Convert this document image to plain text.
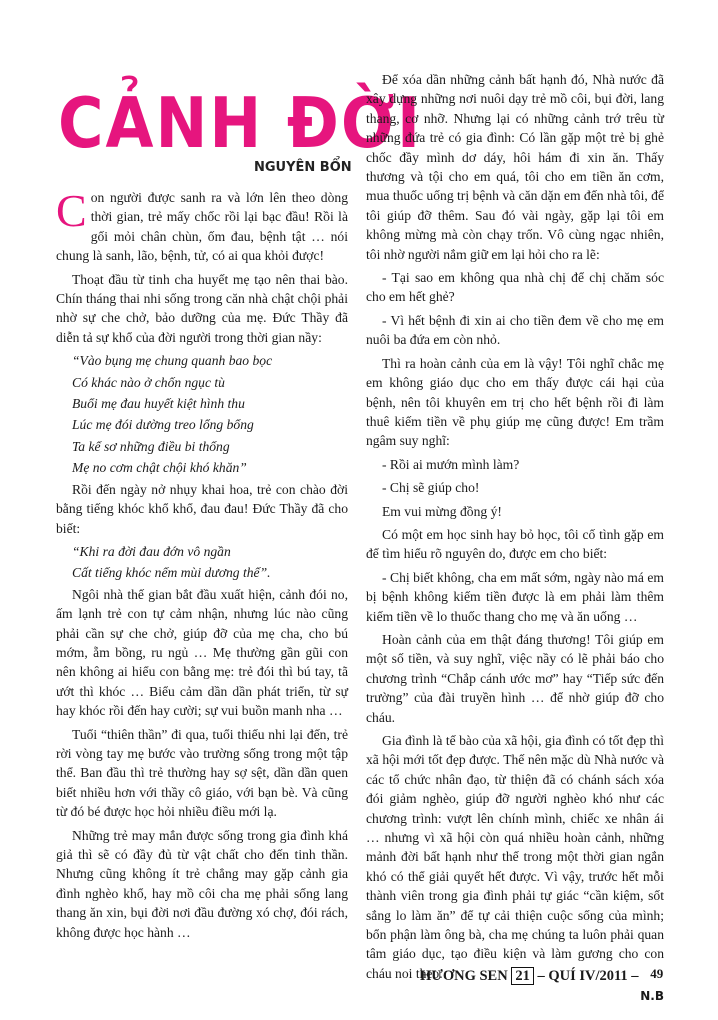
CẢNH ĐỜI
NGUYÊN BỔN

Con người được sanh ra và lớn lên theo dòng thời gian, trẻ mấy chốc rồi lại bạc đầu! Rồi là gối mỏi chân chùn, ốm đau, bệnh tật … nói chung là sanh, lão, bệnh, tử, có ai qua khỏi được!

Thoạt đầu từ tinh cha huyết mẹ tạo nên thai bào. Chín tháng thai nhi sống trong căn nhà chật chội phải nhờ sự che chở, bảo dưỡng của mẹ. Đức Thầy đã diễn tả sự khổ của đời người trong thời gian nầy:

“Vào bụng mẹ chung quanh bao bọc

Có khác nào ở chốn ngục tù

Buổi mẹ đau huyết kiệt hình thu

Lúc mẹ đói dường treo lổng bổng

Ta kể sơ những điều bi thống

Mẹ no cơm chật chội khó khăn”

Rồi đến ngày nở nhụy khai hoa, trẻ con chào đời bằng tiếng khóc khổ khổ, đau đau! Đức Thầy đã cho biết:

“Khi ra đời đau đớn vô ngần

Cất tiếng khóc nếm mùi dương thế”.

Ngôi nhà thế gian bắt đầu xuất hiện, cảnh đói no, ấm lạnh trẻ con tự cảm nhận, nhưng lúc nào cũng phải cần sự che chở, giúp đỡ của mẹ cha, cho bú mớm, ẵm bồng, ru ngủ … Mẹ thường gần gũi con nên không ai hiểu con bằng mẹ: trẻ đói thì bú tay, tã ướt thì khóc … Biểu cảm dần dần phát triển, từ sự hay khóc rồi đến hay cười; sự vui buồn manh nha …

Tuổi “thiên thần” đi qua, tuổi thiếu nhi lại đến, trẻ rời vòng tay mẹ bước vào trường sống trong một tập thể. Ban đầu thì trẻ thường hay sợ sệt, dần dần quen biết nhiều hơn với thầy cô giáo, với bạn bè. Và cũng từ đó bé được học hỏi nhiều điều mới lạ.

Những trẻ may mắn được sống trong gia đình khá giả thì sẽ có đầy đủ từ vật chất cho đến tinh thần. Nhưng cũng không ít trẻ chẳng may gặp cảnh gia đình nghèo khổ, hay mồ côi cha mẹ phải sống lang thang ăn xin, bụi đời nơi đầu đường xó chợ, đói rách, không được học hành …

Để xóa dần những cảnh bất hạnh đó, Nhà nước đã xây dựng những nơi nuôi dạy trẻ mồ côi, bụi đời, lang thang, cơ nhỡ. Nhưng lại có những cảnh trớ trêu từ những đứa trẻ có gia đình: Có lần gặp một trẻ bị ghẻ chốc đầy mình dơ dáy, hôi hám đi xin ăn. Thấy thương và tội cho em quá, tôi cho em tiền ăn cơm, mua thuốc uống trị bệnh và căn dặn em đến nhà tôi, để tôi giúp đỡ thêm. Sau đó vài ngày, gặp lại tôi em không mừng mà còn chạy trốn. Vô cùng ngạc nhiên, tôi nhờ người nắm giữ em lại hỏi cho ra lẽ:

- Tại sao em không qua nhà chị để chị chăm sóc cho em hết ghẻ?

- Vì hết bệnh đi xin ai cho tiền đem về cho mẹ em nuôi ba đứa em còn nhỏ.

Thì ra hoàn cảnh của em là vậy! Tôi nghĩ chắc mẹ em không giáo dục cho em thấy được cái hại của bệnh, nên tôi khuyên em trị cho hết bệnh rồi đi làm thuê kiếm tiền về phụ giúp mẹ cũng được! Em trầm ngâm suy nghĩ:

- Rồi ai mướn mình làm?

- Chị sẽ giúp cho!

Em vui mừng đồng ý!

Có một em học sinh hay bỏ học, tôi cố tình gặp em để tìm hiểu rõ nguyên do, được em cho biết:

- Chị biết không, cha em mất sớm, ngày nào má em bị bệnh không kiếm tiền được là em phải làm thêm kiếm tiền về lo thuốc thang cho mẹ và ăn uống …

Hoàn cảnh của em thật đáng thương! Tôi giúp em một số tiền, và suy nghĩ, việc nầy có lẽ phải báo cho chương trình “Chắp cánh ước mơ” hay “Tiếp sức đến trường” của đài truyền hình … để nhờ giúp đỡ cho cháu.

Gia đình là tế bào của xã hội, gia đình có tốt đẹp thì xã hội mới tốt đẹp được. Thế nên mặc dù Nhà nước và các tổ chức nhân đạo, từ thiện đã có chánh sách xóa đói giảm nghèo, giúp đỡ người nghèo khó như các chương trình: vượt lên chính mình, chiếc xe nhân ái … nhưng vì xã hội còn quá nhiều hoàn cảnh, những mảnh đời bất hạnh như thế trong một thời gian ngắn khó có thể giải quyết hết được. Vì vậy, trước hết mỗi thành viên trong gia đình phải tự giác “cần kiệm, sốt sắng lo làm ăn” để tự cải thiện cuộc sống của mình; bổn phận làm ông bà, cha mẹ chúng ta luôn phải quan tâm giáo dục, tạo điều kiện và làm gương cho con cháu noi theo.

N.B
HƯƠNG SEN 21 – QUÍ IV/2011 – 49
